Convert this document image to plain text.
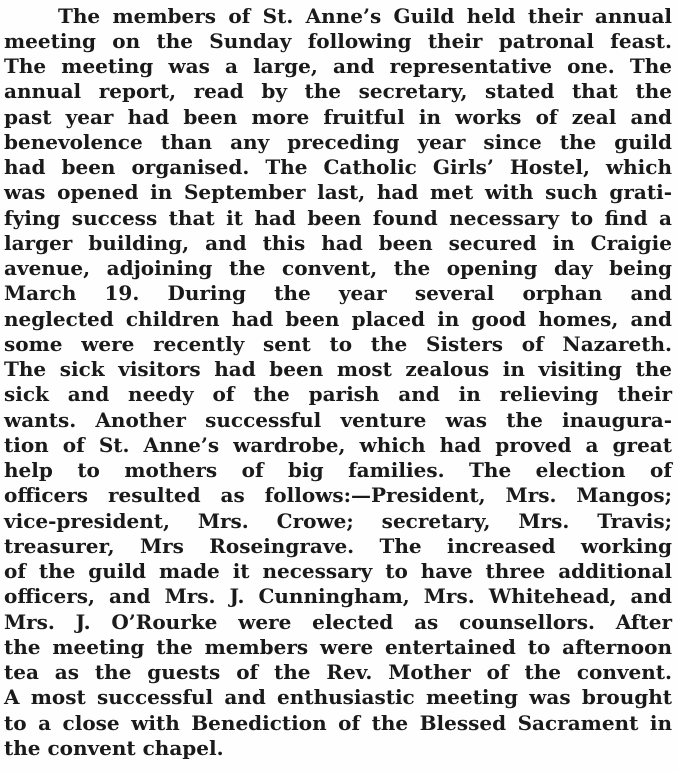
The members of St. Anne’s Guild held their annual

meeting on the Sunday following their patronal feast.

The meeting was a large, and representative one. The

annual report, read by the secretary, stated that the

past year had been more fruitful in works of zeal and

benevolence than any preceding year since the guild

had been organised. The Catholic Girls’ Hostel, which

was opened in September last, had met with such grati-

fying success that it had been found necessary to find a

larger building, and this had been secured in Craigie

avenue, adjoining the convent, the opening day being

March 19. During the year several orphan and

neglected children had been placed in good homes, and

some were recently sent to the Sisters of Nazareth.

The sick visitors had been most zealous in visiting the

sick and needy of the parish and in relieving their

wants. Another successful venture was the inaugura-

tion of St. Anne’s wardrobe, which had proved a great

help to mothers of big families. The election of

officers resulted as follows:—President, Mrs. Mangos;

vice-president, Mrs. Crowe; secretary, Mrs. Travis;

treasurer, Mrs Roseingrave. The increased working

of the guild made it necessary to have three additional

officers, and Mrs. J. Cunningham, Mrs. Whitehead, and

Mrs. J. O’Rourke were elected as counsellors. After

the meeting the members were entertained to afternoon

tea as the guests of the Rev. Mother of the convent.

A most successful and enthusiastic meeting was brought

to a close with Benediction of the Blessed Sacrament in

the convent chapel.
